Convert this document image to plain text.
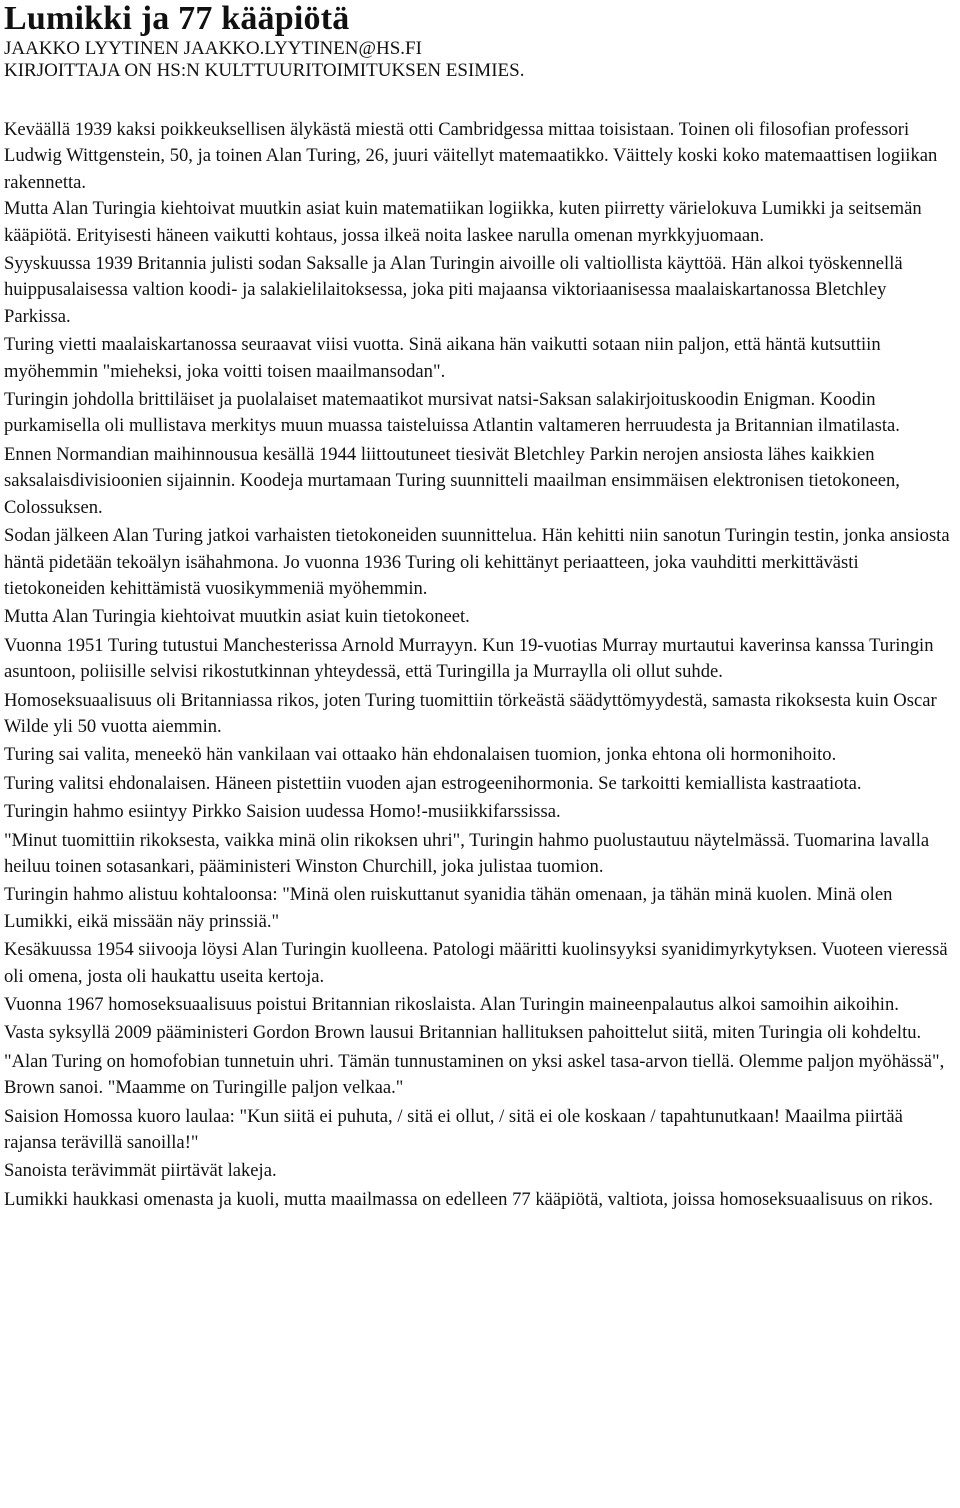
Lumikki ja 77 kääpiötä
JAAKKO LYYTINEN JAAKKO.LYYTINEN@HS.FI
KIRJOITTAJA ON HS:N KULTTUURITOIMITUKSEN ESIMIES.

Keväällä 1939 kaksi poikkeuksellisen älykästä miestä otti Cambridgessa mittaa toisistaan. Toinen oli filosofian professori Ludwig Wittgenstein, 50, ja toinen Alan Turing, 26, juuri väitellyt matemaatikko. Väittely koski koko matemaattisen logiikan rakennetta.

Mutta Alan Turingia kiehtoivat muutkin asiat kuin matematiikan logiikka, kuten piirretty värielokuva Lumikki ja seitsemän kääpiötä. Erityisesti häneen vaikutti kohtaus, jossa ilkeä noita laskee narulla omenan myrkkyjuomaan.

Syyskuussa 1939 Britannia julisti sodan Saksalle ja Alan Turingin aivoille oli valtiollista käyttöä. Hän alkoi työskennellä huippusalaisessa valtion koodi- ja salakielilaitoksessa, joka piti majaansa viktoriaanisessa maalaiskartanossa Bletchley Parkissa.

Turing vietti maalaiskartanossa seuraavat viisi vuotta. Sinä aikana hän vaikutti sotaan niin paljon, että häntä kutsuttiin myöhemmin "mieheksi, joka voitti toisen maailmansodan".

Turingin johdolla brittiläiset ja puolalaiset matemaatikot mursivat natsi-Saksan salakirjoituskoodin Enigman. Koodin purkamisella oli mullistava merkitys muun muassa taisteluissa Atlantin valtameren herruudesta ja Britannian ilmatilasta.

Ennen Normandian maihinnousua kesällä 1944 liittoutuneet tiesivät Bletchley Parkin nerojen ansiosta lähes kaikkien saksalaisdivisioonien sijainnin. Koodeja murtamaan Turing suunnitteli maailman ensimmäisen elektronisen tietokoneen, Colossuksen.

Sodan jälkeen Alan Turing jatkoi varhaisten tietokoneiden suunnittelua. Hän kehitti niin sanotun Turingin testin, jonka ansiosta häntä pidetään tekoälyn isähahmona. Jo vuonna 1936 Turing oli kehittänyt periaatteen, joka vauhditti merkittävästi tietokoneiden kehittämistä vuosikymmeniä myöhemmin.

Mutta Alan Turingia kiehtoivat muutkin asiat kuin tietokoneet.

Vuonna 1951 Turing tutustui Manchesterissa Arnold Murrayyn. Kun 19-vuotias Murray murtautui kaverinsa kanssa Turingin asuntoon, poliisille selvisi rikostutkinnan yhteydessä, että Turingilla ja Murraylla oli ollut suhde.

Homoseksuaalisuus oli Britanniassa rikos, joten Turing tuomittiin törkeästä säädyttömyydestä, samasta rikoksesta kuin Oscar Wilde yli 50 vuotta aiemmin.

Turing sai valita, meneekö hän vankilaan vai ottaako hän ehdonalaisen tuomion, jonka ehtona oli hormonihoito.

Turing valitsi ehdonalaisen. Häneen pistettiin vuoden ajan estrogeenihormonia. Se tarkoitti kemiallista kastraatiota.

Turingin hahmo esiintyy Pirkko Saision uudessa Homo!-musiikkifarssissa.

"Minut tuomittiin rikoksesta, vaikka minä olin rikoksen uhri", Turingin hahmo puolustautuu näytelmässä. Tuomarina lavalla heiluu toinen sotasankari, pääministeri Winston Churchill, joka julistaa tuomion.

Turingin hahmo alistuu kohtaloonsa: "Minä olen ruiskuttanut syanidia tähän omenaan, ja tähän minä kuolen. Minä olen Lumikki, eikä missään näy prinssiä."

Kesäkuussa 1954 siivooja löysi Alan Turingin kuolleena. Patologi määritti kuolinsyyksi syanidimyrkytyksen. Vuoteen vieressä oli omena, josta oli haukattu useita kertoja.

Vuonna 1967 homoseksuaalisuus poistui Britannian rikoslaista. Alan Turingin maineenpalautus alkoi samoihin aikoihin.

Vasta syksyllä 2009 pääministeri Gordon Brown lausui Britannian hallituksen pahoittelut siitä, miten Turingia oli kohdeltu.

"Alan Turing on homofobian tunnetuin uhri. Tämän tunnustaminen on yksi askel tasa-arvon tiellä. Olemme paljon myöhässä", Brown sanoi. "Maamme on Turingille paljon velkaa."

Saision Homossa kuoro laulaa: "Kun siitä ei puhuta, / sitä ei ollut, / sitä ei ole koskaan / tapahtunutkaan! Maailma piirtää rajansa terävillä sanoilla!"

Sanoista terävimmät piirtävät lakeja.

Lumikki haukkasi omenasta ja kuoli, mutta maailmassa on edelleen 77 kääpiötä, valtiota, joissa homoseksuaalisuus on rikos.
